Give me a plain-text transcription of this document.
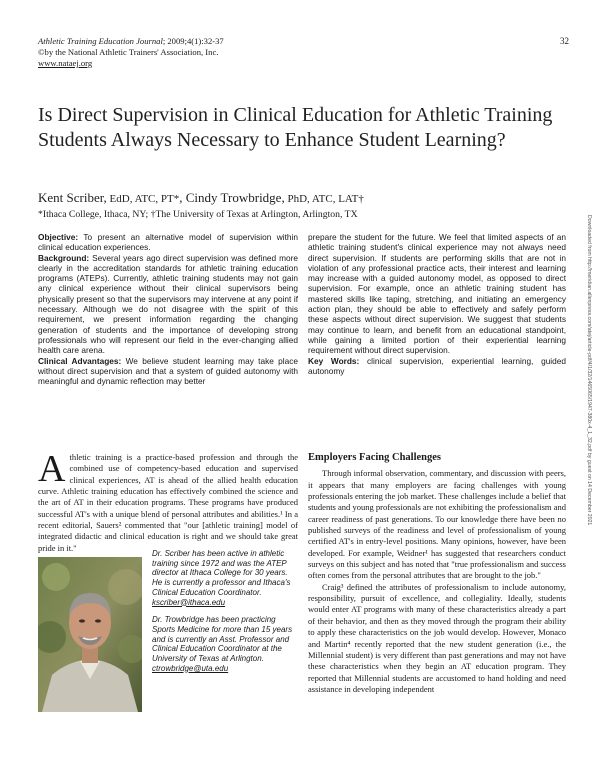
Athletic Training Education Journal; 2009;4(1):32-37
©by the National Athletic Trainers' Association, Inc.
www.nataej.org
32
Is Direct Supervision in Clinical Education for Athletic Training Students Always Necessary to Enhance Student Learning?
Kent Scriber, EdD, ATC, PT*, Cindy Trowbridge, PhD, ATC, LAT†
*Ithaca College, Ithaca, NY; †The University of Texas at Arlington, Arlington, TX
Downloaded from http://meridian.allenpress.com/atej/article-pdf/4/1/32/1465065/1947-380x-4_1_32.pdf by guest on 14 December 2021

Objective: To present an alternative model of supervision within clinical education experiences.

Background: Several years ago direct supervision was defined more clearly in the accreditation standards for athletic training education programs (ATEPs). Currently, athletic training students may not gain any clinical experience without their clinical supervisors being physically present so that the supervisors may intervene at any point if necessary. Although we do not disagree with the spirit of this requirement, we present information regarding the changing generation of students and the importance of developing strong professionals who will represent our field in the ever-changing allied health care arena.

Clinical Advantages: We believe student learning may take place without direct supervision and that a system of guided autonomy with meaningful and dynamic reflection may better

prepare the student for the future. We feel that limited aspects of an athletic training student's clinical experience may not always need direct supervision. If students are performing skills that are not in violation of any professional practice acts, their interest and learning may increase with a guided autonomy model, as opposed to direct supervision. For example, once an athletic training student has mastered skills like taping, stretching, and initiating an emergency action plan, they should be able to effectively and safely perform these aspects without direct supervision. We suggest that students may continue to learn, and benefit from an educational standpoint, while gaining a limited portion of their experiential learning requirement without direct supervision.

Key Words: clinical supervision, experiential learning, guided autonomy

A thletic training is a practice-based profession and through the combined use of competency-based education and supervised clinical experiences, AT is ahead of the allied health education curve. Athletic training education has effectively combined the science and the art of AT in their education programs. These programs have produced successful AT's with a unique blend of personal attributes and abilities.¹ In a recent editorial, Sauers² commented that "our [athletic training] model of integrated didactic and clinical education is right and we should take great pride in it."

Dr. Scriber has been active in athletic training since 1972 and was the ATEP director at Ithaca College for 30 years. He is currently a professor and Ithaca's Clinical Education Coordinator. kscriber@ithaca.edu

Dr. Trowbridge has been practicing Sports Medicine for more than 15 years and is currently an Asst. Professor and Clinical Education Coordinator at the University of Texas at Arlington. ctrowbridge@uta.edu

Employers Facing Challenges

Through informal observation, commentary, and discussion with peers, it appears that many employers are facing challenges with young professionals entering the job market. These challenges include a belief that students and young professionals are not exhibiting the professionalism and career readiness of past generations. To our knowledge there have been no published surveys of the readiness and level of professionalism of young certified AT's in entry-level positions. Many opinions, however, have been developed. For example, Weidner¹ has suggested that researchers conduct surveys on this subject and has noted that "true professionalism and success often comes from the personal attributes that are brought to the job."

Craig³ defined the attributes of professionalism to include autonomy, responsibility, pursuit of excellence, and collegiality. Ideally, students would enter AT programs with many of these characteristics already a part of their behavior, and then as they moved through the program their ability to apply these characteristics on the job would develop. However, Monaco and Martin⁴ recently reported that the new student generation (i.e., the Millennial student) is very different than past generations and may not have these characteristics when they begin an AT education program. They reported that Millennial students are accustomed to hand holding and need assistance in developing independent
